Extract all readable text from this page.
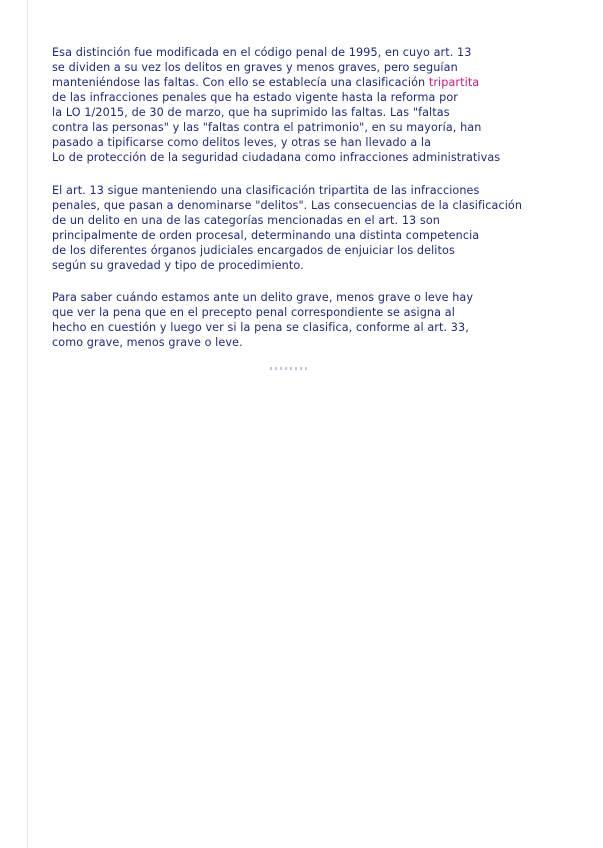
Esa distinción fue modificada en el código penal de 1995, en cuyo art. 13
se dividen a su vez los delitos en graves y menos graves, pero seguían
manteniéndose las faltas. Con ello se establecía una clasificación tripartita
de las infracciones penales que ha estado vigente hasta la reforma por
la LO 1/2015, de 30 de marzo, que ha suprimido las faltas. Las "faltas
contra las personas" y las "faltas contra el patrimonio", en su mayoría, han
pasado a tipificarse como delitos leves, y otras se han llevado a la
Lo de protección de la seguridad ciudadana como infracciones administrativas
El art. 13 sigue manteniendo una clasificación tripartita de las infracciones
penales, que pasan a denominarse "delitos". Las consecuencias de la clasificación
de un delito en una de las categorías mencionadas en el art. 13 son
principalmente de orden procesal, determinando una distinta competencia
de los diferentes órganos judiciales encargados de enjuiciar los delitos
según su gravedad y tipo de procedimiento.
Para saber cuándo estamos ante un delito grave, menos grave o leve hay
que ver la pena que en el precepto penal correspondiente se asigna al
hecho en cuestión y luego ver si la pena se clasifica, conforme al art. 33,
como grave, menos grave o leve.
